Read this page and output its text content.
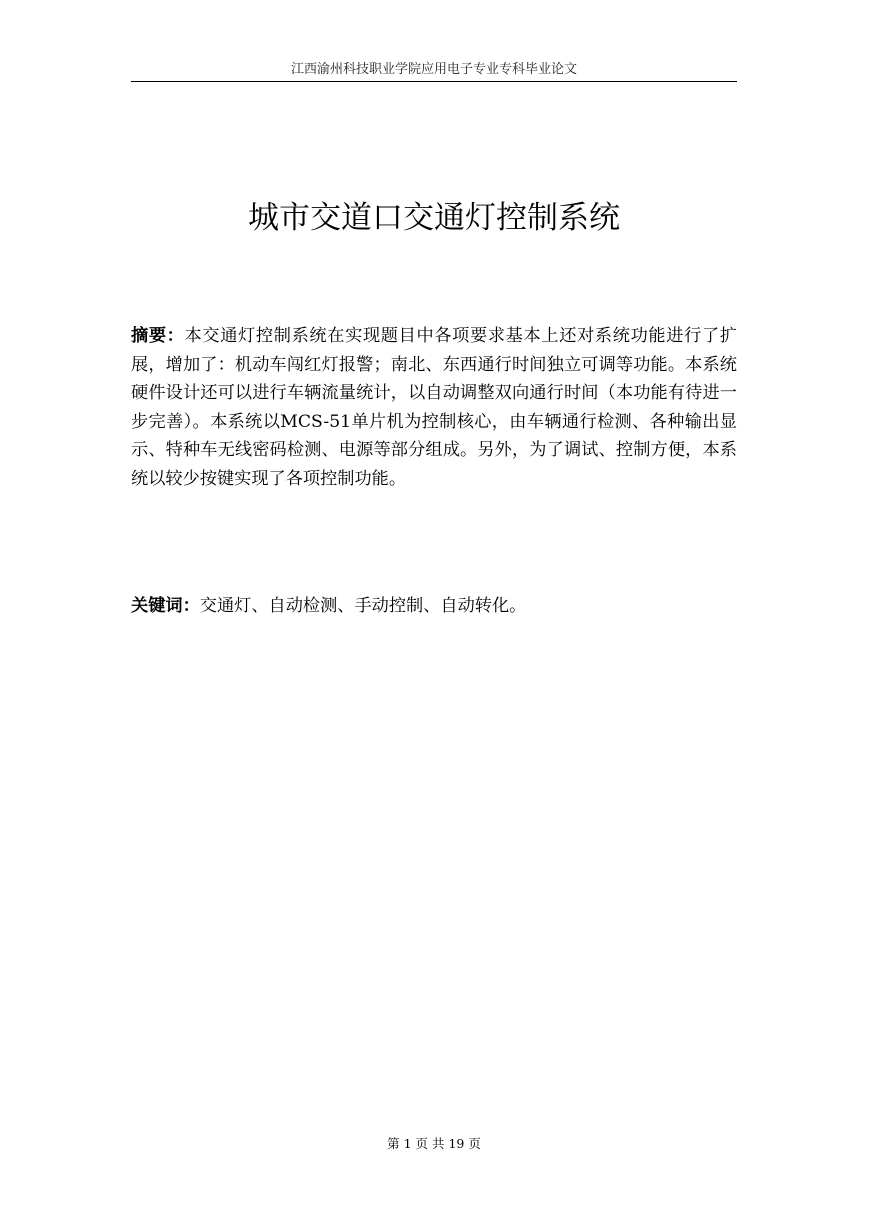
江西渝州科技职业学院应用电子专业专科毕业论文
城市交道口交通灯控制系统

摘要：本交通灯控制系统在实现题目中各项要求基本上还对系统功能进行了扩展，增加了：机动车闯红灯报警；南北、东西通行时间独立可调等功能。本系统硬件设计还可以进行车辆流量统计，以自动调整双向通行时间（本功能有待进一步完善）。本系统以MCS-51单片机为控制核心，由车辆通行检测、各种输出显示、特种车无线密码检测、电源等部分组成。另外，为了调试、控制方便，本系统以较少按键实现了各项控制功能。

关键词：交通灯、自动检测、手动控制、自动转化。

第 1 页 共 19 页
